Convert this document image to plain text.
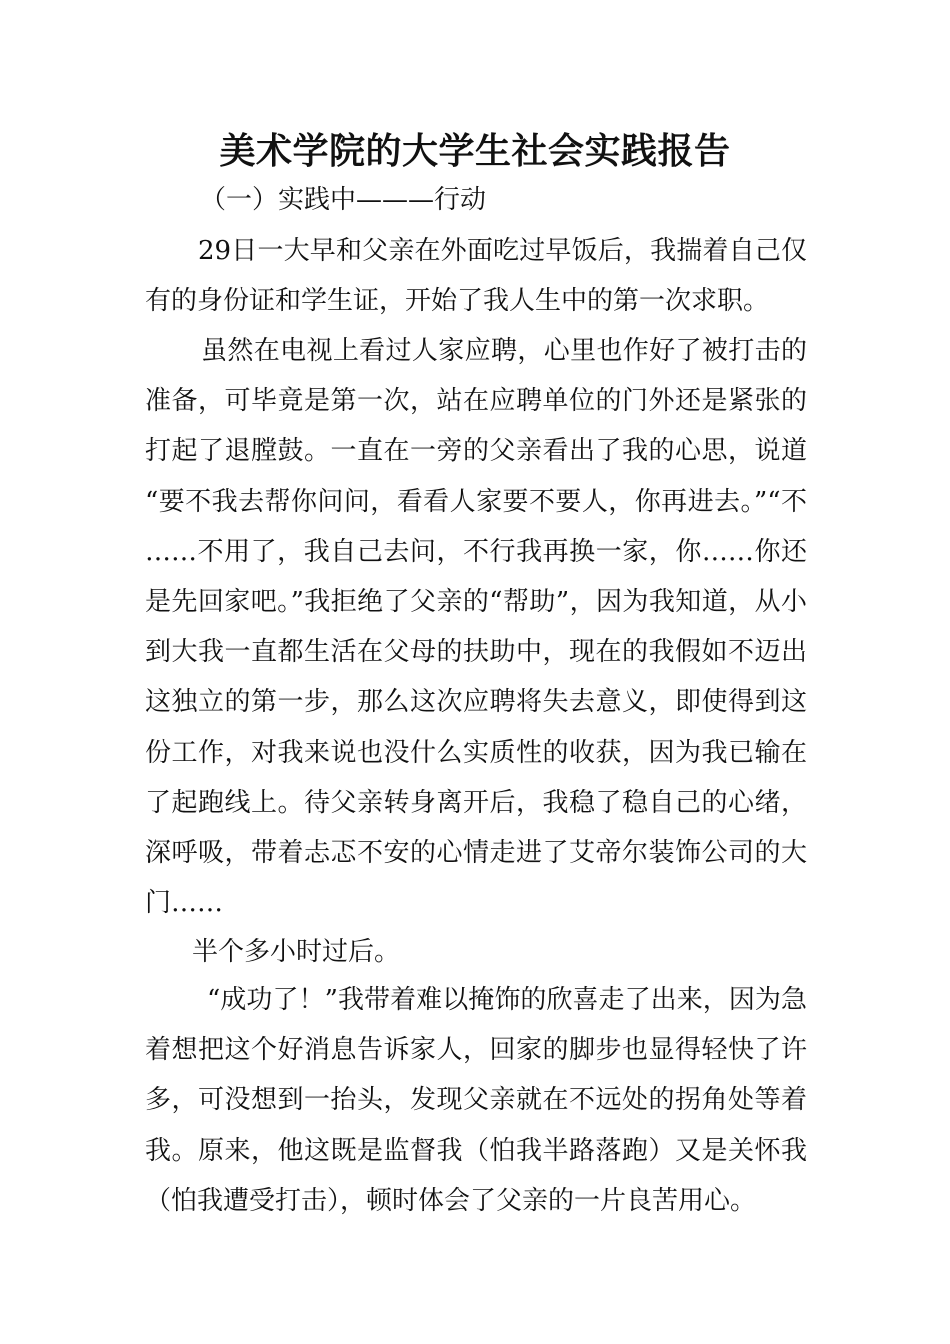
美术学院的大学生社会实践报告
（一）实践中———行动
29日一大早和父亲在外面吃过早饭后，我揣着自己仅有的身份证和学生证，开始了我人生中的第一次求职。
虽然在电视上看过人家应聘，心里也作好了被打击的准备，可毕竟是第一次，站在应聘单位的门外还是紧张的打起了退膛鼓。一直在一旁的父亲看出了我的心思，说道“要不我去帮你问问，看看人家要不要人，你再进去。”“不……不用了，我自己去问，不行我再换一家，你……你还是先回家吧。”我拒绝了父亲的“帮助”，因为我知道，从小到大我一直都生活在父母的扶助中，现在的我假如不迈出这独立的第一步，那么这次应聘将失去意义，即使得到这份工作，对我来说也没什么实质性的收获，因为我已输在了起跑线上。待父亲转身离开后，我稳了稳自己的心绪，深呼吸，带着忐忑不安的心情走进了艾帝尔装饰公司的大门……
半个多小时过后。
“成功了！”我带着难以掩饰的欣喜走了出来，因为急着想把这个好消息告诉家人，回家的脚步也显得轻快了许多，可没想到一抬头，发现父亲就在不远处的拐角处等着我。原来，他这既是监督我（怕我半路落跑）又是关怀我（怕我遭受打击），顿时体会了父亲的一片良苦用心。
